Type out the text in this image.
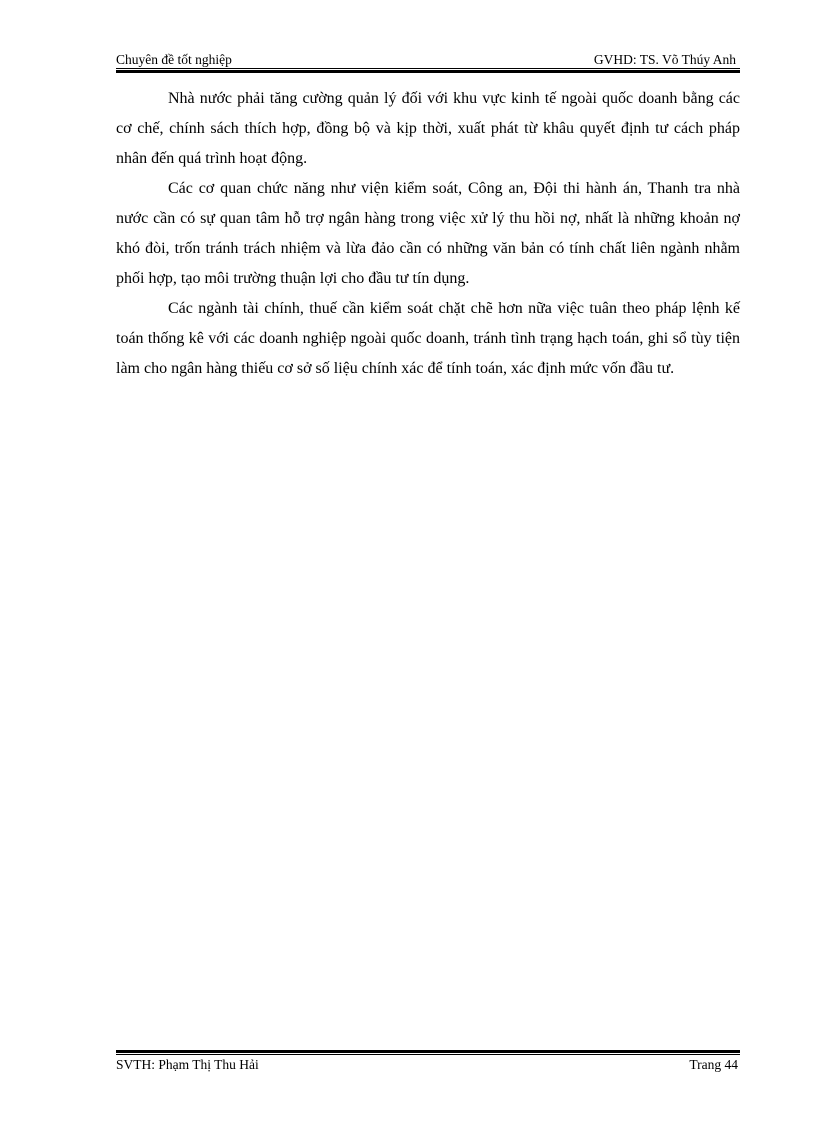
Chuyên đề tốt nghiệp	GVHD: TS. Võ Thúy Anh

Nhà nước phải tăng cường quản lý đối với khu vực kinh tế ngoài quốc doanh bằng các cơ chế, chính sách thích hợp, đồng bộ và kịp thời, xuất phát từ khâu quyết định tư cách pháp nhân đến quá trình hoạt động.

Các cơ quan chức năng như viện kiểm soát, Công an, Đội thi hành án, Thanh tra nhà nước cần có sự quan tâm hỗ trợ ngân hàng trong việc xử lý thu hồi nợ, nhất là những khoản nợ khó đòi, trốn tránh trách nhiệm và lừa đảo cần có những văn bản có tính chất liên ngành nhằm phối hợp, tạo môi trường thuận lợi cho đầu tư tín dụng.

Các ngành tài chính, thuế cần kiểm soát chặt chẽ hơn nữa việc tuân theo pháp lệnh kế toán thống kê với các doanh nghiệp ngoài quốc doanh, tránh tình trạng hạch toán, ghi sổ tùy tiện làm cho ngân hàng thiếu cơ sở số liệu chính xác để tính toán, xác định mức vốn đầu tư.

SVTH: Phạm Thị Thu Hải	Trang 44
